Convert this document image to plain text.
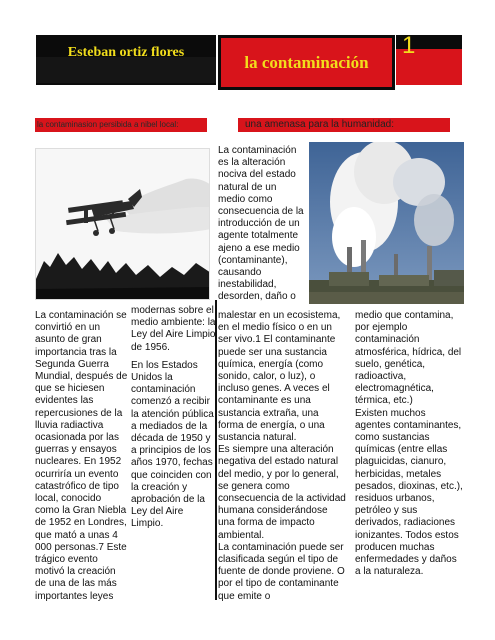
Esteban ortiz flores
la contaminación
1
la contaminasion persibida a nibel local:	una amenasa para la humanidad:
La contaminación es la alteración nociva del estado natural de un medio como consecuencia de la introducción de un agente totalmente ajeno a ese medio (contaminante), causando inestabilidad, desorden, daño o
La contaminación se convirtió en un asunto de gran importancia tras la Segunda Guerra Mundial, después de que se hiciesen evidentes las repercusiones de la lluvia radiactiva ocasionada por las guerras y ensayos nucleares. En 1952 ocurriría un evento catastrófico de tipo local, conocido como la Gran Niebla de 1952 en Londres, que mató a unas 4 000 personas.7 Este trágico evento motivó la creación de una de las más importantes leyes

modernas sobre el medio ambiente: la Ley del Aire Limpio de 1956.

En los Estados Unidos la contaminación comenzó a recibir la atención pública a mediados de la década de 1950 y a principios de los años 1970, fechas que coinciden con la creación y aprobación de la Ley del Aire Limpio.

malestar en un ecosistema, en el medio físico o en un ser vivo.1 El contaminante puede ser una sustancia química, energía (como sonido, calor, o luz), o incluso genes. A veces el contaminante es una sustancia extraña, una forma de energía, o una sustancia natural.
Es siempre una alteración negativa del estado natural del medio, y por lo general, se genera como consecuencia de la actividad humana considerándose una forma de impacto ambiental.
La contaminación puede ser clasificada según el tipo de fuente de donde proviene. O por el tipo de contaminante que emite o

medio que contamina, por ejemplo contaminación atmosférica, hídrica, del suelo, genética, radioactiva, electromagnética, térmica, etc.)

Existen muchos agentes contaminantes, como sustancias químicas (entre ellas plaguicidas, cianuro, herbicidas, metales pesados, dioxinas, etc.), residuos urbanos, petróleo y sus derivados, radiaciones ionizantes. Todos estos producen muchas enfermedades y daños a la naturaleza.
